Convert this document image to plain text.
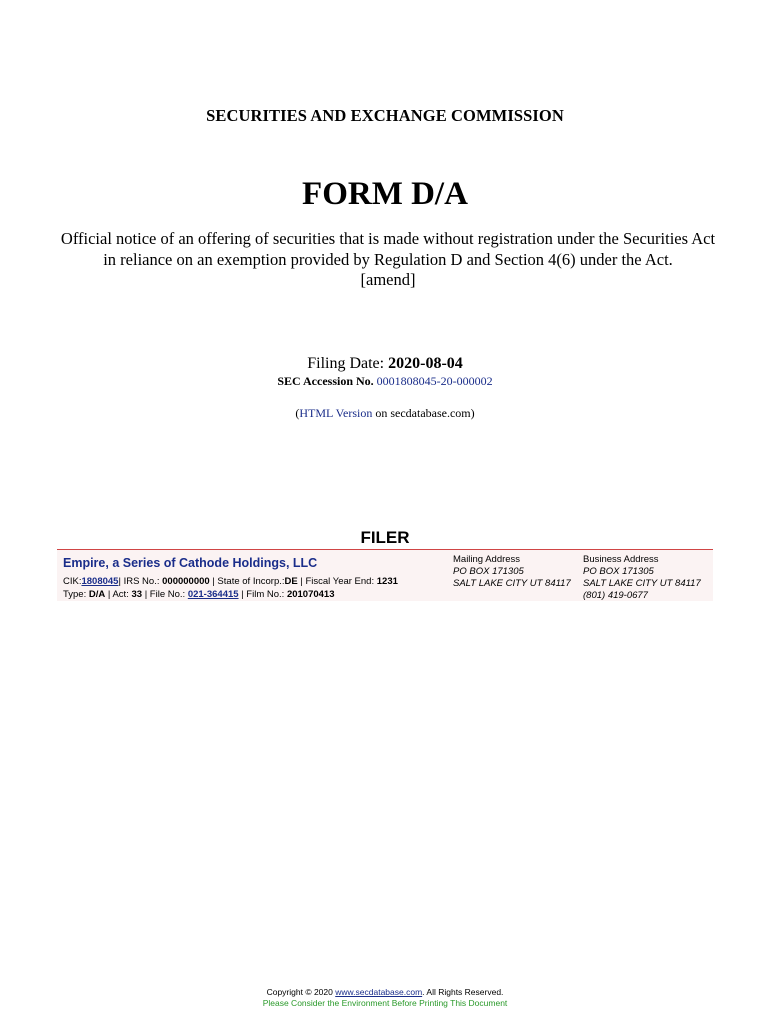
SECURITIES AND EXCHANGE COMMISSION
FORM D/A
Official notice of an offering of securities that is made without registration under the Securities Act in reliance on an exemption provided by Regulation D and Section 4(6) under the Act.
[amend]
Filing Date: 2020-08-04
SEC Accession No. 0001808045-20-000002
(HTML Version on secdatabase.com)
FILER
Empire, a Series of Cathode Holdings, LLC
CIK:1808045| IRS No.: 000000000 | State of Incorp.:DE | Fiscal Year End: 1231
Type: D/A | Act: 33 | File No.: 021-364415 | Film No.: 201070413
Mailing Address
PO BOX 171305
SALT LAKE CITY UT 84117
Business Address
PO BOX 171305
SALT LAKE CITY UT 84117
(801) 419-0677
Copyright © 2020 www.secdatabase.com. All Rights Reserved.
Please Consider the Environment Before Printing This Document
